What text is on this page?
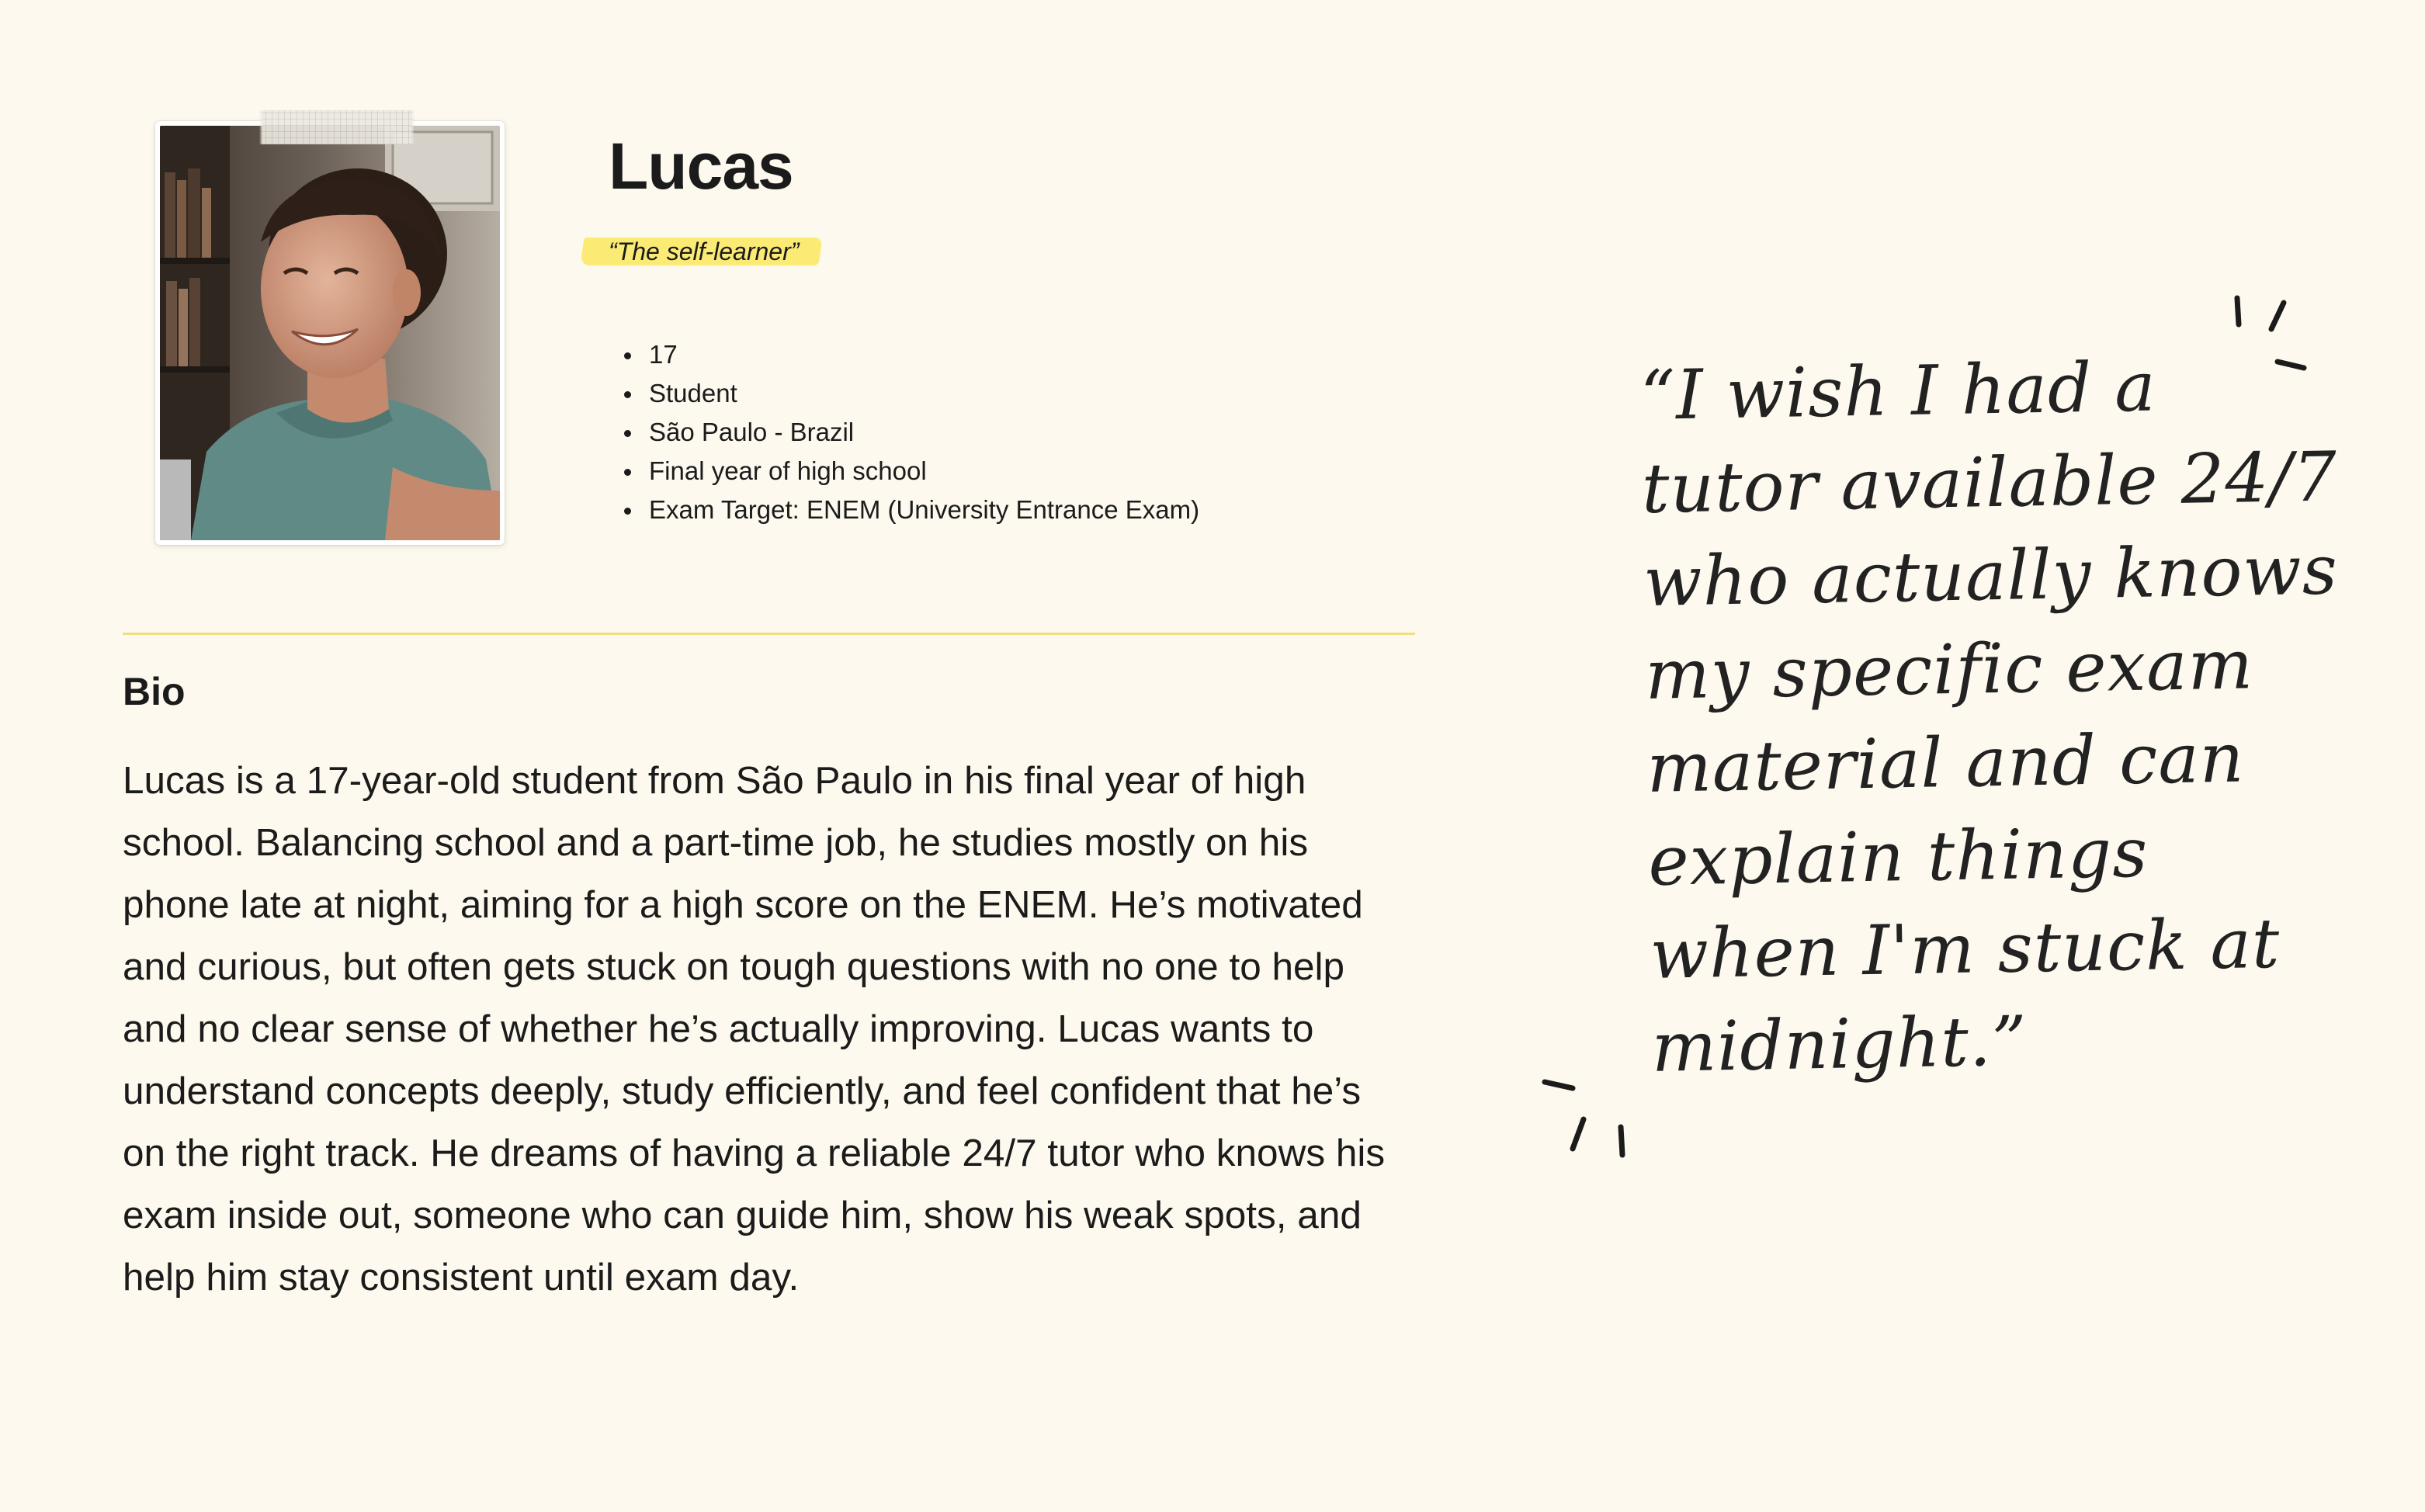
Lucas
“The self-learner”
17
Student
São Paulo - Brazil
Final year of high school
Exam Target: ENEM (University Entrance Exam)
Bio

Lucas is a 17-year-old student from São Paulo in his final year of high school. Balancing school and a part-time job, he studies mostly on his phone late at night, aiming for a high score on the ENEM. He’s motivated and curious, but often gets stuck on tough questions with no one to help and no clear sense of whether he’s actually improving. Lucas wants to understand concepts deeply, study efficiently, and feel confident that he’s on the right track. He dreams of having a reliable 24/7 tutor who knows his exam inside out, someone who can guide him, show his weak spots, and help him stay consistent until exam day.

“I wish I had a tutor available 24/7 who actually knows my specific exam material and can explain things when I'm stuck at midnight.”
